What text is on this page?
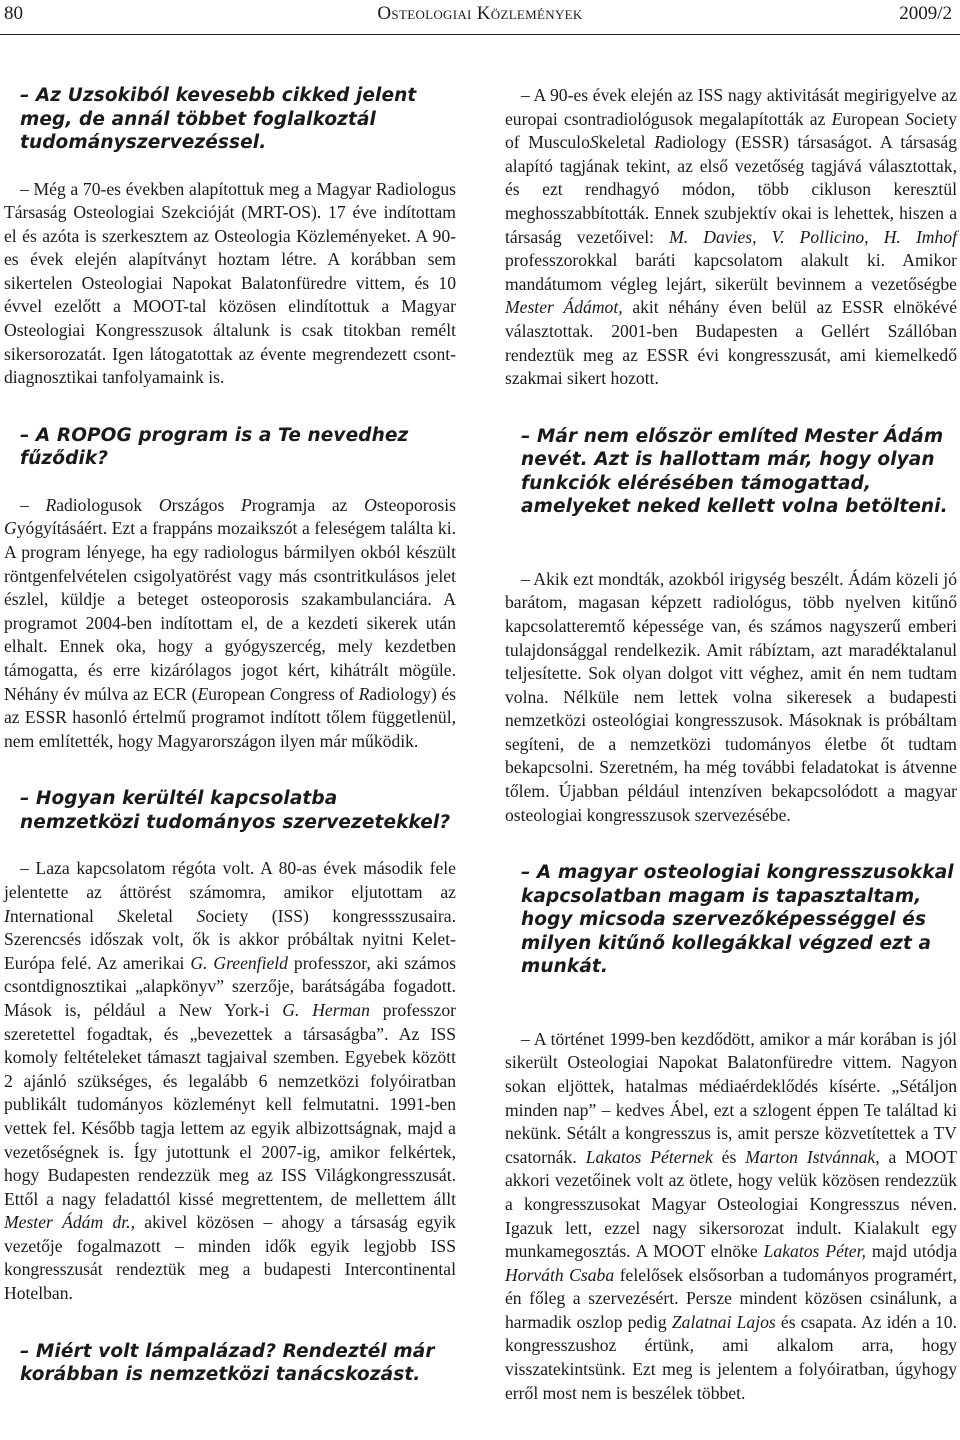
80	Osteologiai Közlemények	2009/2

– Az Uzsokiból kevesebb cikked jelent meg, de annál többet foglalkoztál tudományszervezéssel.

– Még a 70-es években alapítottuk meg a Magyar Radiologus Társaság Osteologiai Szekcióját (MRT-OS). 17 éve indítottam el és azóta is szerkesztem az Osteologia Közleményeket. A 90-es évek elején alapítványt hoztam létre. A korábban sem sikertelen Osteologiai Napokat Balatonfüredre vittem, és 10 évvel ezelőtt a MOOT-tal közösen elindítottuk a Magyar Osteologiai Kongresszusok általunk is csak titokban remélt sikersorozatát. Igen látogatottak az évente megrendezett csont-diagnosztikai tanfolyamaink is.

– A ROPOG program is a Te nevedhez fűződik?

– Radiologusok Országos Programja az Osteoporosis Gyógyításáért. Ezt a frappáns mozaikszót a feleségem találta ki. A program lényege, ha egy radiologus bármilyen okból készült röntgenfelvételen csigolyatörést vagy más csontritkulásos jelet észlel, küldje a beteget osteoporosis szakambulanciára. A programot 2004-ben indítottam el, de a kezdeti sikerek után elhalt. Ennek oka, hogy a gyógyszercég, mely kezdetben támogatta, és erre kizárólagos jogot kért, kihátrált mögüle. Néhány év múlva az ECR (European Congress of Radiology) és az ESSR hasonló értelmű programot indított tőlem függetlenül, nem említették, hogy Magyarországon ilyen már működik.

– Hogyan kerültél kapcsolatba nemzetközi tudományos szervezetekkel?

– Laza kapcsolatom régóta volt. A 80-as évek második fele jelentette az áttörést számomra, amikor eljutottam az International Skeletal Society (ISS) kongressszusaira. Szerencsés időszak volt, ők is akkor próbáltak nyitni Kelet-Európa felé. Az amerikai G. Greenfield professzor, aki számos csontdignosztikai „alapkönyv” szerzője, barátságába fogadott. Mások is, például a New York-i G. Herman professzor szeretettel fogadtak, és „bevezettek a társaságba”. Az ISS komoly feltételeket támaszt tagjaival szemben. Egyebek között 2 ajánló szükséges, és legalább 6 nemzetközi folyóiratban publikált tudományos közleményt kell felmutatni. 1991-ben vettek fel. Később tagja lettem az egyik albizottságnak, majd a vezetőségnek is. Így jutottunk el 2007-ig, amikor felkértek, hogy Budapesten rendezzük meg az ISS Világkongresszusát. Ettől a nagy feladattól kissé megrettentem, de mellettem állt Mester Ádám dr., akivel közösen – ahogy a társaság egyik vezetője fogalmazott – minden idők egyik legjobb ISS kongresszusát rendeztük meg a budapesti Intercontinental Hotelban.

– Miért volt lámpalázad? Rendeztél már korábban is nemzetközi tanácskozást.

– A 90-es évek elején az ISS nagy aktivitását megirigyelve az europai csontradiológusok megalapították az European Society of MusculoSkeletal Radiology (ESSR) társaságot. A társaság alapító tagjának tekint, az első vezetőség tagjává választottak, és ezt rendhagyó módon, több cikluson keresztül meghosszabbították. Ennek szubjektív okai is lehettek, hiszen a társaság vezetőivel: M. Davies, V. Pollicino, H. Imhof professzorokkal baráti kapcsolatom alakult ki. Amikor mandátumom végleg lejárt, sikerült bevinnem a vezetőségbe Mester Ádámot, akit néhány éven belül az ESSR elnökévé választottak. 2001-ben Budapesten a Gellért Szállóban rendeztük meg az ESSR évi kongresszusát, ami kiemelkedő szakmai sikert hozott.

– Már nem először említed Mester Ádám nevét. Azt is hallottam már, hogy olyan funkciók elérésében támogattad, amelyeket neked kellett volna betölteni.

– Akik ezt mondták, azokból irigység beszélt. Ádám közeli jó barátom, magasan képzett radiológus, több nyelven kitűnő kapcsolatteremtő képessége van, és számos nagyszerű emberi tulajdonsággal rendelkezik. Amit rábíztam, azt maradéktalanul teljesítette. Sok olyan dolgot vitt véghez, amit én nem tudtam volna. Nélküle nem lettek volna sikeresek a budapesti nemzetközi osteológiai kongresszusok. Másoknak is próbáltam segíteni, de a nemzetközi tudományos életbe őt tudtam bekapcsolni. Szeretném, ha még további feladatokat is átvenne tőlem. Újabban például intenzíven bekapcsolódott a magyar osteologiai kongresszusok szervezésébe.

– A magyar osteologiai kongresszusokkal kapcsolatban magam is tapasztaltam, hogy micsoda szervezőképességgel és milyen kitűnő kollegákkal végzed ezt a munkát.

– A történet 1999-ben kezdődött, amikor a már korában is jól sikerült Osteologiai Napokat Balatonfüredre vittem. Nagyon sokan eljöttek, hatalmas médiaérdeklődés kísérte. „Sétáljon minden nap” – kedves Ábel, ezt a szlogent éppen Te találtad ki nekünk. Sétált a kongresszus is, amit persze közvetítettek a TV csatornák. Lakatos Péternek és Marton Istvánnak, a MOOT akkori vezetőinek volt az ötlete, hogy velük közösen rendezzük a kongresszusokat Magyar Osteologiai Kongresszus néven. Igazuk lett, ezzel nagy sikersorozat indult. Kialakult egy munkamegosztás. A MOOT elnöke Lakatos Péter, majd utódja Horváth Csaba felelősek elsősorban a tudományos programért, én főleg a szervezésért. Persze mindent közösen csinálunk, a harmadik oszlop pedig Zalatnai Lajos és csapata. Az idén a 10. kongresszushoz értünk, ami alkalom arra, hogy visszatekintsünk. Ezt meg is jelentem a folyóiratban, úgyhogy erről most nem is beszélek többet.
